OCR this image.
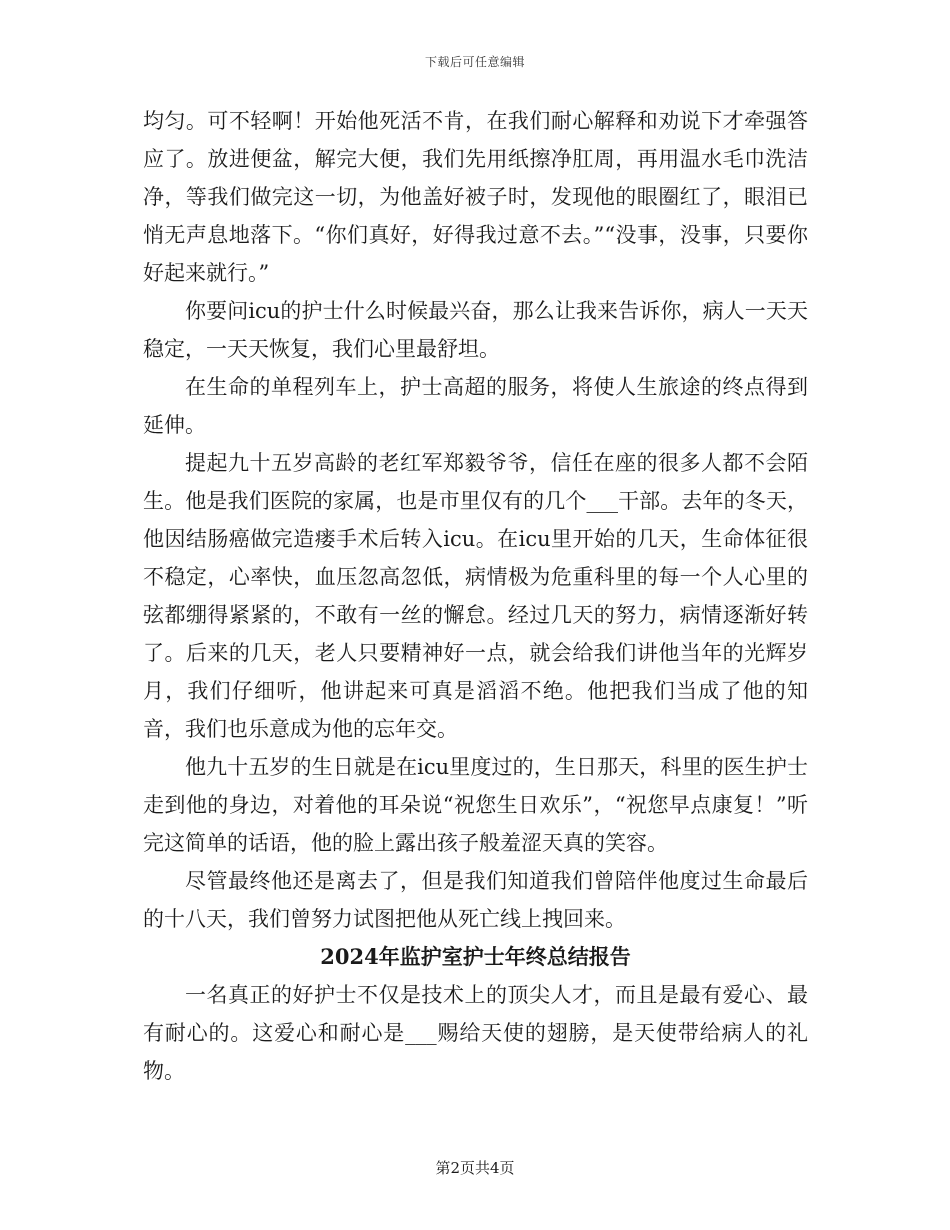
下载后可任意编辑

均匀。可不轻啊！开始他死活不肯，在我们耐心解释和劝说下才牵强答应了。放进便盆，解完大便，我们先用纸擦净肛周，再用温水毛巾洗洁净，等我们做完这一切，为他盖好被子时，发现他的眼圈红了，眼泪已悄无声息地落下。“你们真好，好得我过意不去。”“没事，没事，只要你好起来就行。”

你要问icu的护士什么时候最兴奋，那么让我来告诉你，病人一天天稳定，一天天恢复，我们心里最舒坦。

在生命的单程列车上，护士高超的服务，将使人生旅途的终点得到延伸。

提起九十五岁高龄的老红军郑毅爷爷，信任在座的很多人都不会陌生。他是我们医院的家属，也是市里仅有的几个___干部。去年的冬天，他因结肠癌做完造瘘手术后转入icu。在icu里开始的几天，生命体征很不稳定，心率快，血压忽高忽低，病情极为危重科里的每一个人心里的弦都绷得紧紧的，不敢有一丝的懈怠。经过几天的努力，病情逐渐好转了。后来的几天，老人只要精神好一点，就会给我们讲他当年的光辉岁月，我们仔细听，他讲起来可真是滔滔不绝。他把我们当成了他的知音，我们也乐意成为他的忘年交。

他九十五岁的生日就是在icu里度过的，生日那天，科里的医生护士走到他的身边，对着他的耳朵说“祝您生日欢乐”，“祝您早点康复！”听完这简单的话语，他的脸上露出孩子般羞涩天真的笑容。

尽管最终他还是离去了，但是我们知道我们曾陪伴他度过生命最后的十八天，我们曾努力试图把他从死亡线上拽回来。

2024年监护室护士年终总结报告

一名真正的好护士不仅是技术上的顶尖人才，而且是最有爱心、最有耐心的。这爱心和耐心是___赐给天使的翅膀，是天使带给病人的礼物。

第2页共4页
